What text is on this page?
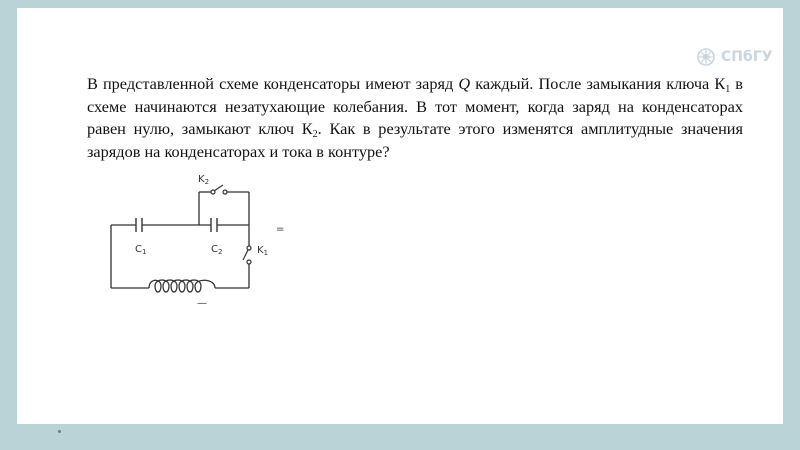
СПбГУ

В представленной схеме конденсаторы имеют заряд Q каждый. После замыкания ключа $К_1$ в схеме начинаются незатухающие колебания. В тот момент, когда заряд на конденсаторах равен нулю, замыкают ключ $К_2$. Как в результате этого изменятся амплитудные значения зарядов на конденсаторах и тока в контуре?

$K_2$
$C_1$	$C_2$	$K_1$
=
—
